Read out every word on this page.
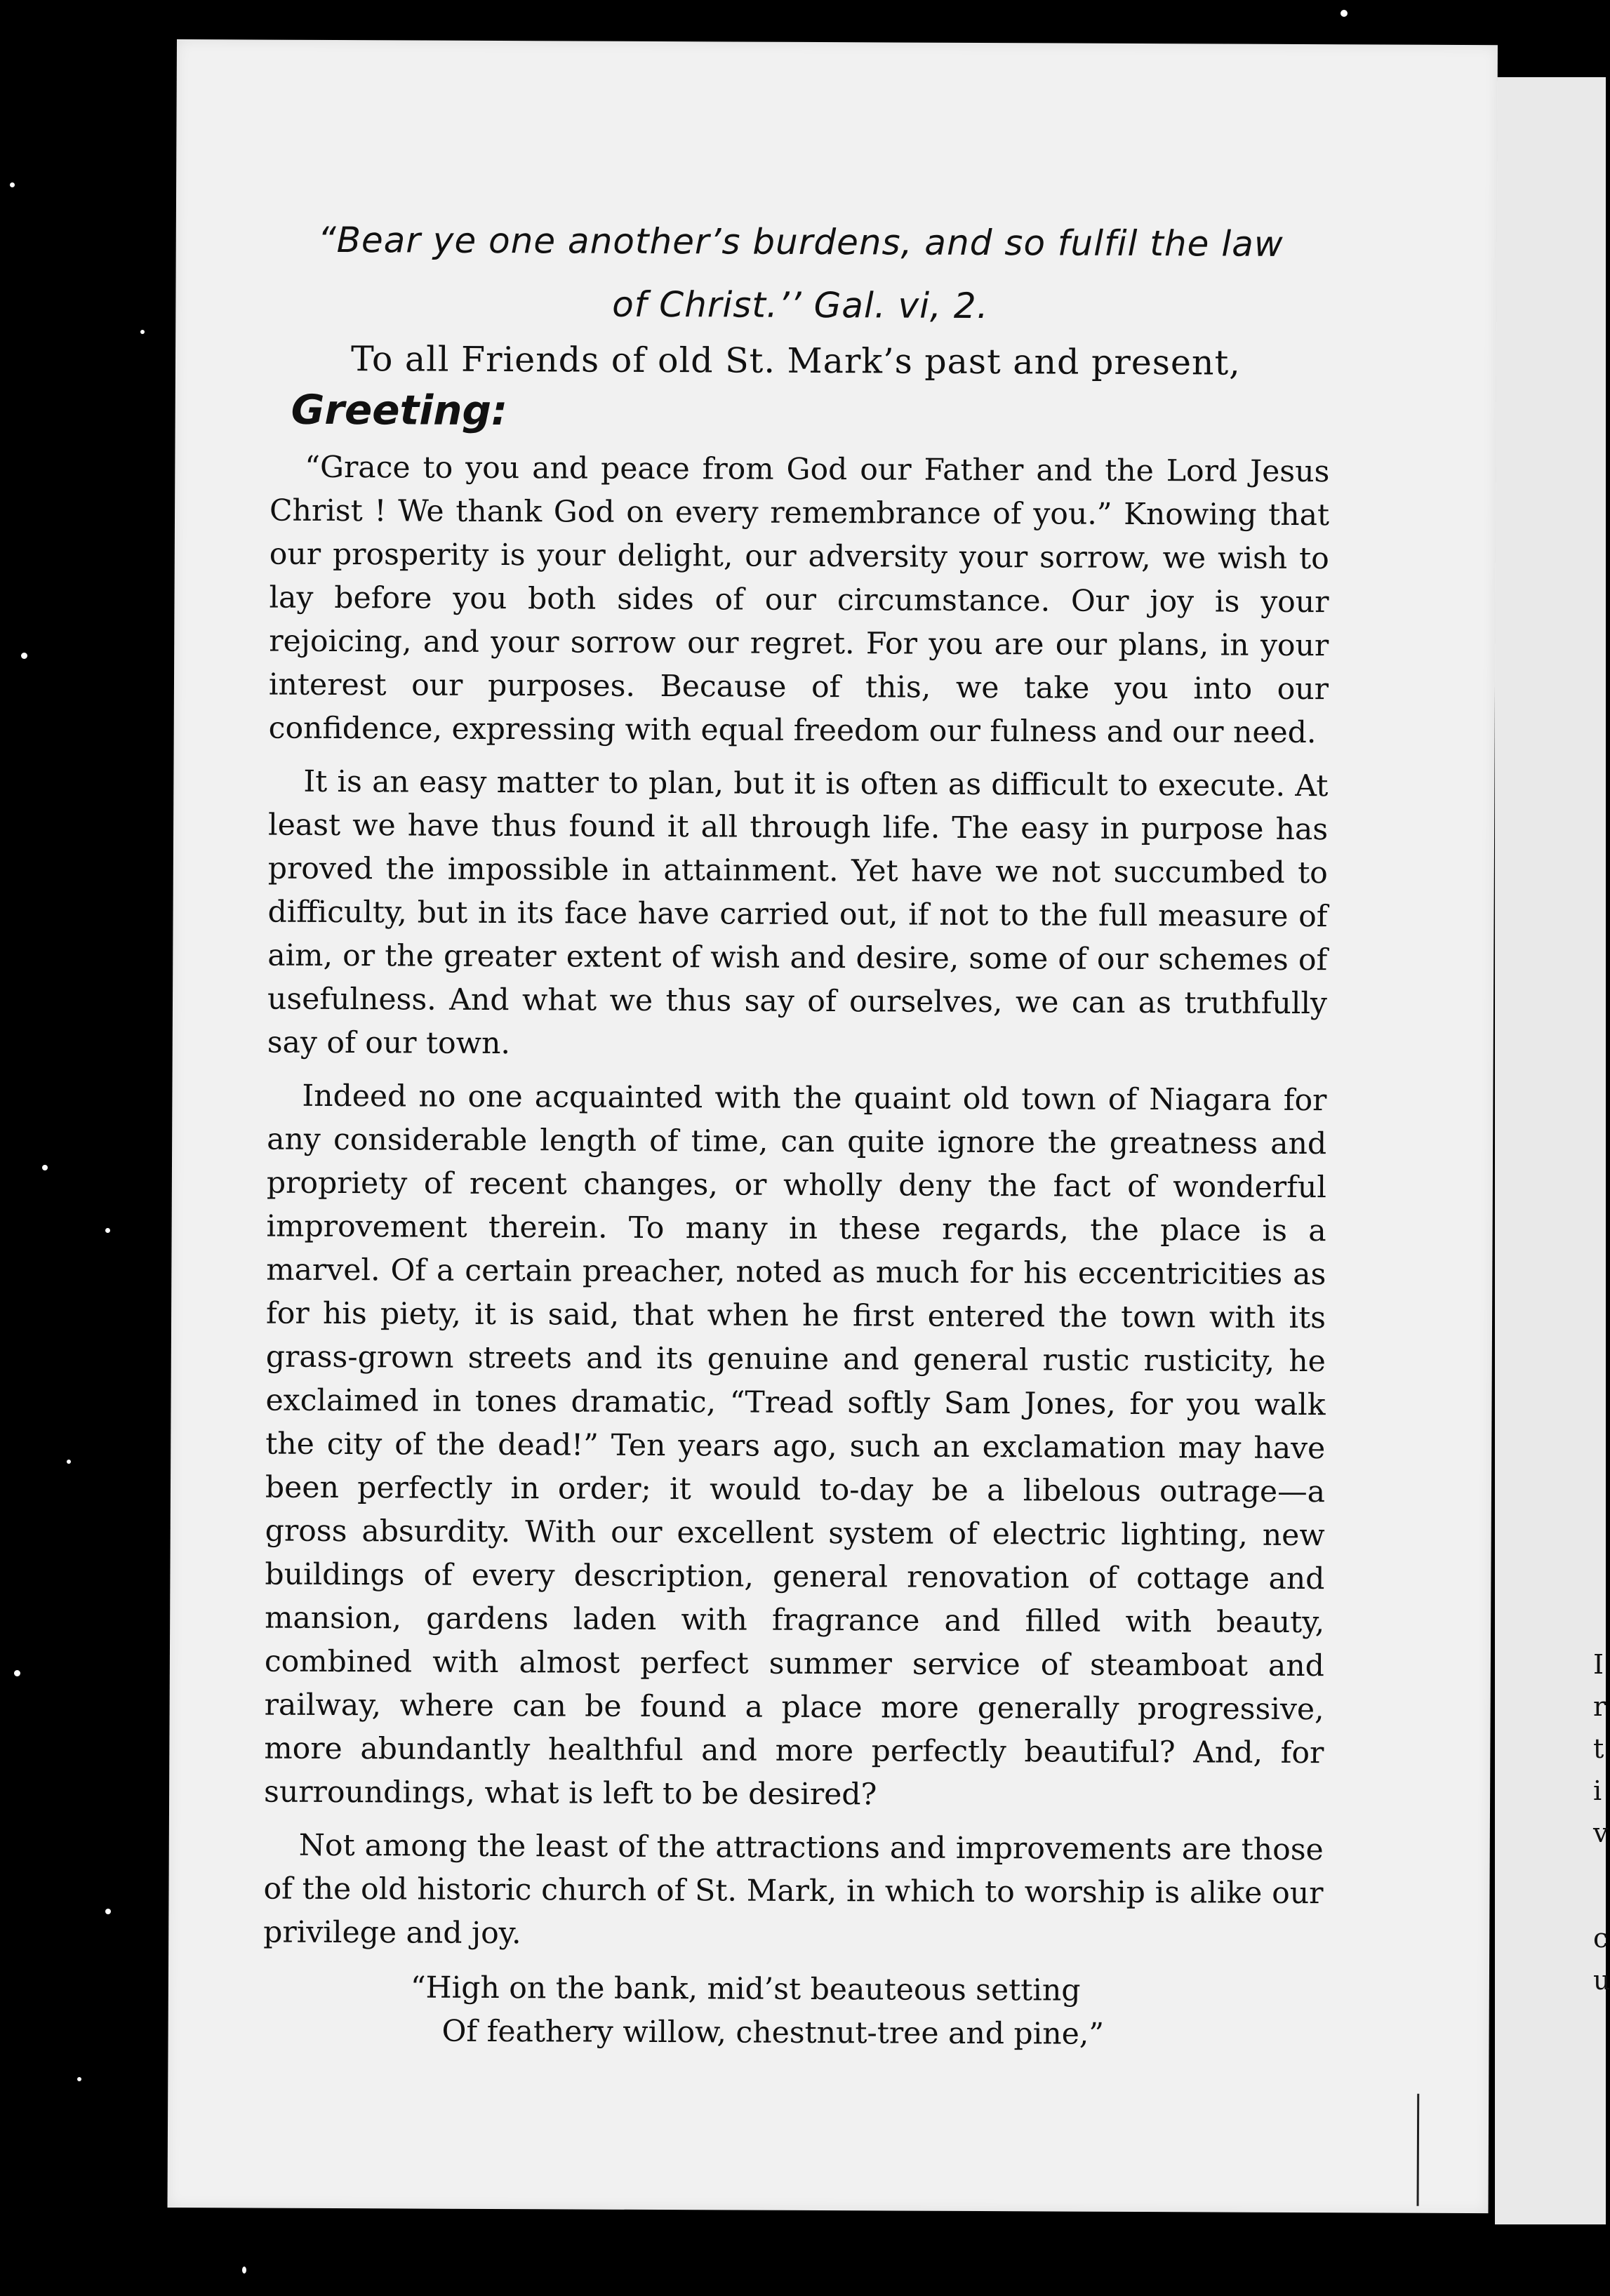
I
r
t
i
v
c
u
“Bear ye one another’s burdens, and so fulfil the law
of Christ.’’ Gal. vi, 2.
To all Friends of old St. Mark’s past and present,
Greeting:

“Grace to you and peace from God our Father and the Lord Jesus Christ ! We thank God on every remembrance of you.” Knowing that our prosperity is your delight, our adversity your sorrow, we wish to lay before you both sides of our circumstance. Our joy is your rejoicing, and your sorrow our regret. For you are our plans, in your interest our purposes. Because of this, we take you into our confidence, expressing with equal freedom our fulness and our need.

It is an easy matter to plan, but it is often as difficult to execute. At least we have thus found it all through life. The easy in purpose has proved the impossible in attainment. Yet have we not succumbed to difficulty, but in its face have carried out, if not to the full measure of aim, or the greater extent of wish and desire, some of our schemes of usefulness. And what we thus say of ourselves, we can as truthfully say of our town.

Indeed no one acquainted with the quaint old town of Niagara for any considerable length of time, can quite ignore the greatness and propriety of recent changes, or wholly deny the fact of wonderful improvement therein. To many in these regards, the place is a marvel. Of a certain preacher, noted as much for his eccentricities as for his piety, it is said, that when he first entered the town with its grass-grown streets and its genuine and general rustic rusticity, he exclaimed in tones dramatic, “Tread softly Sam Jones, for you walk the city of the dead!” Ten years ago, such an exclamation may have been perfectly in order; it would to-day be a libelous outrage—a gross absurdity. With our excellent system of electric lighting, new buildings of every description, general renovation of cottage and mansion, gardens laden with fragrance and filled with beauty, combined with almost perfect summer service of steamboat and railway, where can be found a place more generally progressive, more abundantly healthful and more perfectly beautiful? And, for surroundings, what is left to be desired?

Not among the least of the attractions and improvements are those of the old historic church of St. Mark, in which to worship is alike our privilege and joy.

“High on the bank, mid’st beauteous setting
Of feathery willow, chestnut-tree and pine,”
